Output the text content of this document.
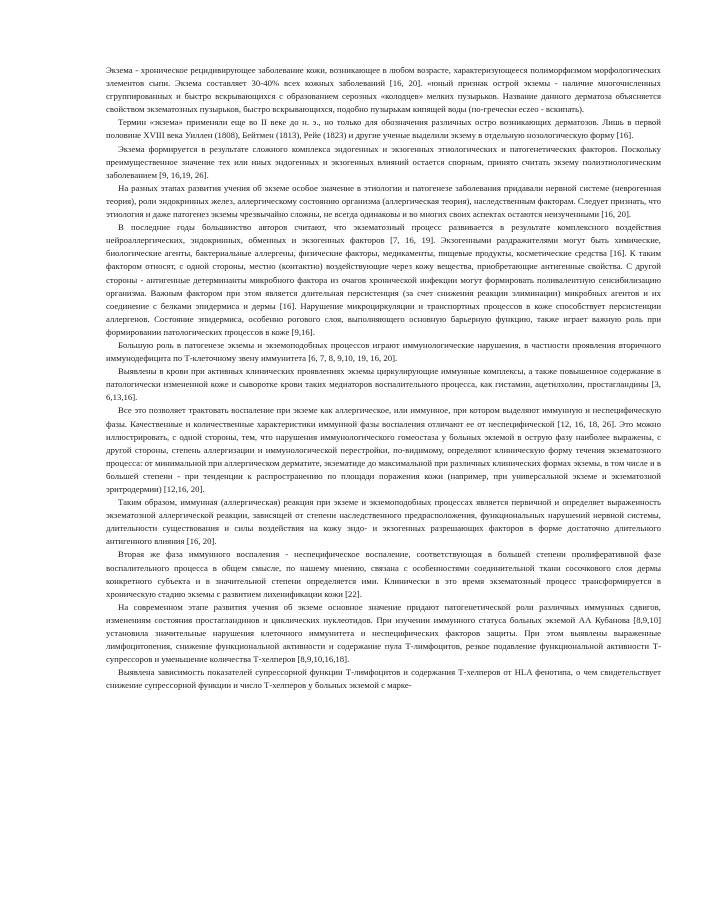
Экзема - хроническое рецидивирующее заболевание кожи, возникающее в любом возрасте, характеризующееся полиморфизмом морфологических элементов сыпи. Экзема составляет 30-40% всех кожных заболеваний [16, 20]. «юный признак острой экземы - наличие многочисленных сгруппированных и быстро вскрывающихся с образованием серозных «колодцев» мелких пузырьков. Название данного дерматоза объясняется свойством экзематозных пузырьков, быстро вскрывающихся, подобно пузырькам кипящей воды (по-гречески eczeo - вскипать).

Термин «экзема» применяли еще во II веке до н. э., но только для обозначения различных остро возникающих дерматозов. Лишь в первой половине XVIII века Уиллен (1808), Бейтмен (1813), Рейе (1823) и другие ученые выделили экзему в отдельную нозологическую форму [16].

Экзема формируется в результате сложного комплекса эндогенных и экзогенных этиологических и патогенетических факторов. Поскольку преимущественное значение тех или иных эндогенных и экзогенных влияний остается спорным, принято считать экзему полиэтиологическим заболеванием [9, 16,19, 26].

На разных этапах развития учения об экземе особое значение в этиологии и патогенезе заболевания придавали нервной системе (неврогенная теория), роли эндокринных желез, аллергическому состоянию организма (аллергическая теория), наследственным факторам. Следует признать, что этиология и даже патогенез экземы чрезвычайно сложны, не всегда одинаковы и во многих своих аспектах остаются неизученными [16, 20].

В последние годы большинство авторов считают, что экзематозный процесс развивается в результате комплексного воздействия нейроаллергических, эндокринных, обменных и экзогенных факторов [7, 16, 19]. Экзогенными раздражителями могут быть химические, биологические агенты, бактериальные аллергены, физические факторы, медикаменты, пищевые продукты, косметические средства [16]. К таким фактором относят, с одной стороны, местно (контактно) воздействующие через кожу вещества, приобретающие антигенные свойства. С другой стороны - антигенные детерминанты микробного фактора из очагов хронической инфекции могут формировать поливалентную сенсибилизацию организма. Важным фактором при этом является длительная персистенция (за счет снижения реакции элиминации) микробных агентов и их соединение с белками эпидермиса и дермы [16]. Нарушение микроциркуляции и транспортных процессов в коже способствует персистенции аллергенов. Состояние эпидермиса, особенно рогового слоя, выполняющего основную барьерную функцию, также играет важную роль при формировании патологических процессов в коже [9,16].

Большую роль в патогенезе экземы и экземоподобных процессов играют иммунологические нарушения, в частности проявления вторичного иммунодефицита по Т-клеточному звену иммунитета [6, 7, 8, 9,10, 19, 16, 20].

Выявлены в крови при активных клинических проявлениях экземы циркулирующие иммунные комплексы, а также повышенное содержание в патологически измененной коже и сыворотке крови таких медиаторов воспалительного процесса, как гистамин, ацетилхолин, простагландины [3, 6,13,16].

Все это позволяет трактовать воспаление при экземе как аллергическое, или иммунное, при котором выделяют иммунную и неспецифическую фазы. Качественные и количественные характеристики иммунной фазы воспаления отличают ее от неспецифической [12, 16, 18, 26]. Это можно иллюстрировать, с одной стороны, тем, что нарушения иммунологического гомеостаза у больных экземой в острую фазу наиболее выражены, с другой стороны, степень аллергизации и иммунологической перестройки, по-видимому, определяют клиническую форму течения экзематозного процесса: от минимальной при аллергическом дерматите, экзематиде до максимальной при различных клинических формах экземы, в том числе и в большей степени - при тенденции к распространению по площади поражения кожи (например, при универсальной экземе и экзематозной эритродермии) [12,16, 20].

Таким образом, иммунная (аллергическая) реакция при экземе и экземоподобных процессах является первичной и определяет выраженность экзематозной аллергической реакции, зависящей от степени наследственного предрасположения, функциональных нарушений нервной системы, длительности существования и силы воздействия на кожу эндо- и экзогенных разрешающих факторов в форме достаточно длительного антигенного влияния [16, 20].

Вторая же фаза иммунного воспаления - неспецифическое воспаление, соответствующая в большей степени пролиферативной фазе воспалительного процесса в общем смысле, по нашему мнению, связана с особенностями соединительной ткани сосочкового слоя дермы конкретного субъекта и в значительной степени определяется ими. Клинически в это время экзематозный процесс трансформируется в хроническую стадию экземы с развитием лихенификации кожи [22].

На современном этапе развития учения об экземе основное значение придают патогенетической роли различных иммунных сдвигов, изменениям состояния простагландинов и циклических нуклеотидов. При изучении иммунного статуса больных экземой АА Кубанова [8,9,10] установила значительные нарушения клеточного иммунитета и неспецифических факторов защиты. При этом выявлены выраженные лимфоцитопения, снижение функциональной активности и содержание пула Т-лимфоцитов, резкое подавление функциональной активности Т-супрессоров и уменьшение количества Т-хелперов [8,9,10,16,18].

Выявлена зависимость показателей супрессорной функции Т-лимфоцитов и содержания Т-хелперов от HLA фенотипа, о чем свидетельствует снижение супрессорной функции и число Т-хелперов у больных экземой с марке-
